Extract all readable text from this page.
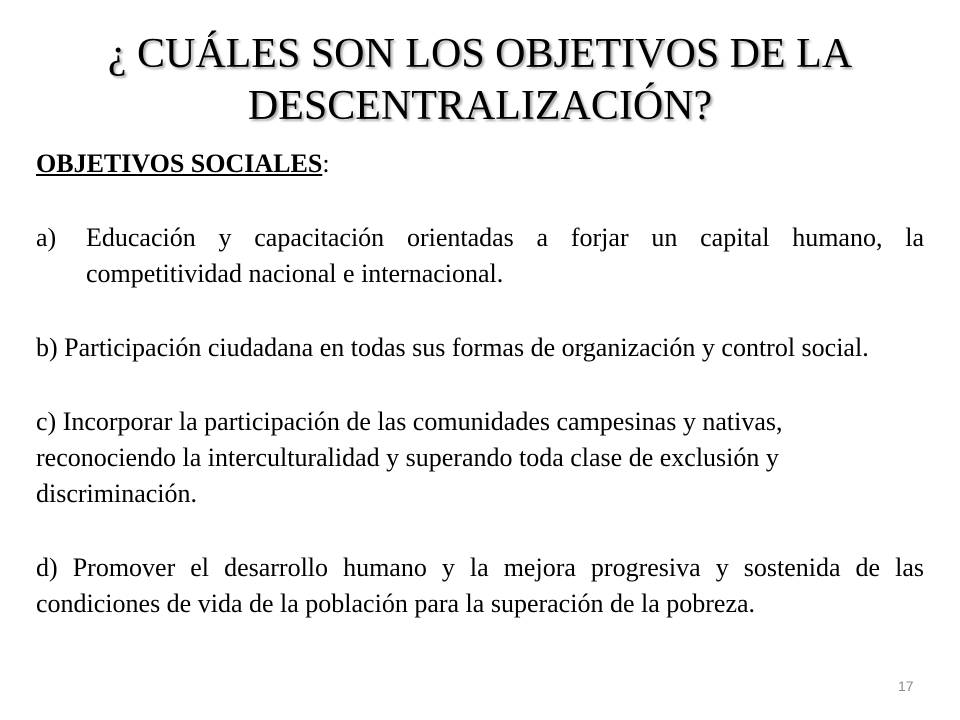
¿ CUÁLES SON LOS OBJETIVOS DE LA
DESCENTRALIZACIÓN?
OBJETIVOS SOCIALES:
a)	Educación y capacitación orientadas a forjar un capital humano, la competitividad nacional e internacional.
b) Participación ciudadana en todas sus formas de organización y control social.
c) Incorporar la participación de las comunidades campesinas y nativas, reconociendo la interculturalidad y superando toda clase de exclusión y discriminación.
d) Promover el desarrollo humano y la mejora progresiva y sostenida de las condiciones de vida de la población para la superación de la pobreza.
17
